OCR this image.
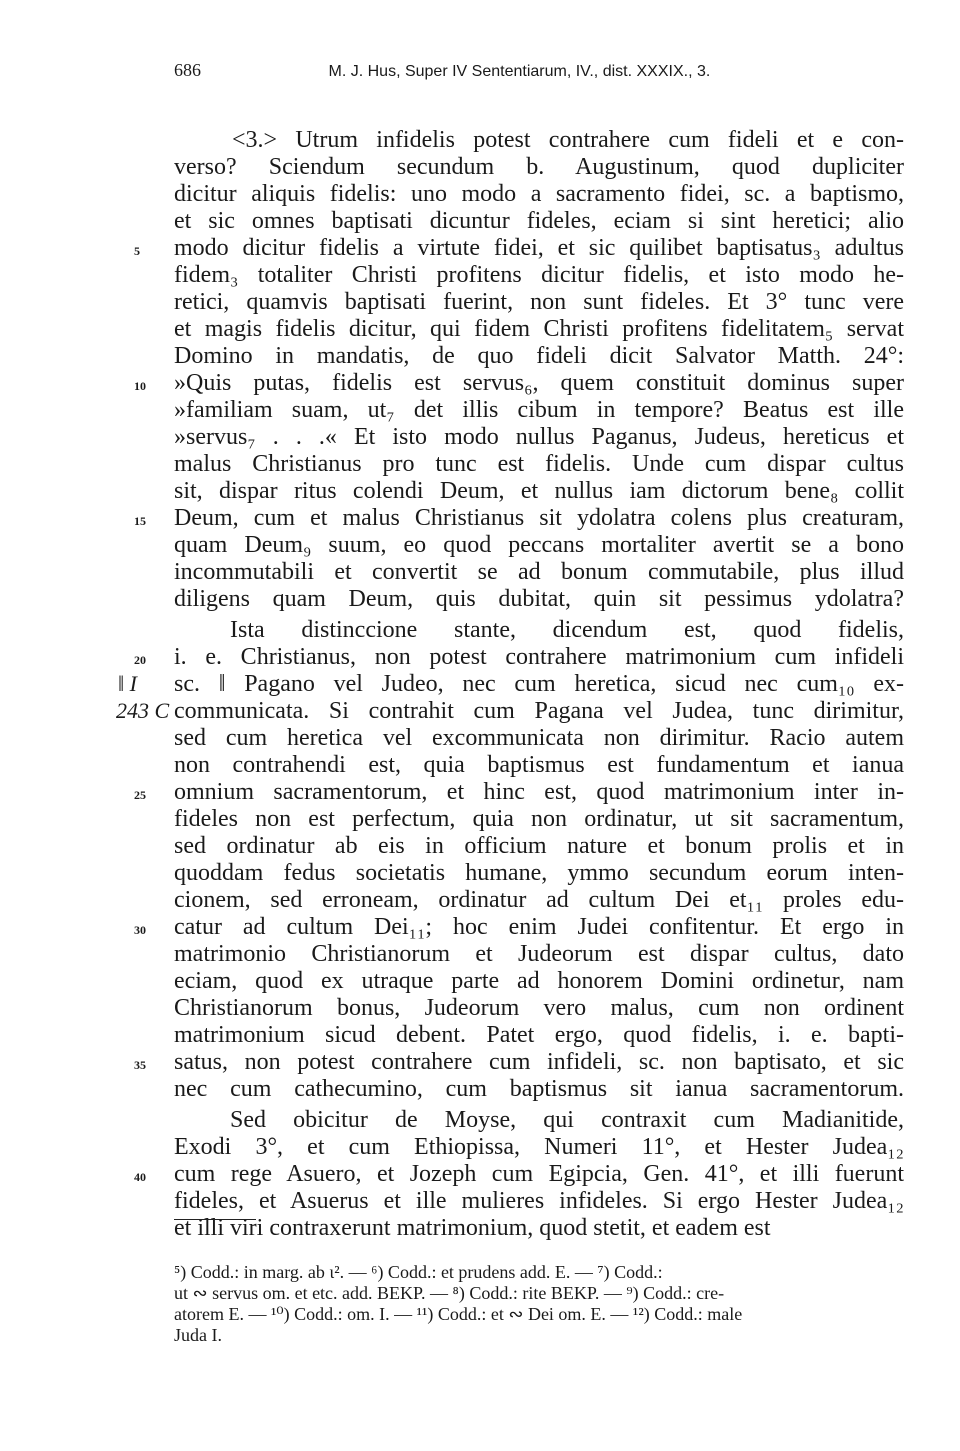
686	M. J. Hus, Super IV Sententiarum, IV., dist. XXXIX., 3.
<3.> Utrum infidelis potest contrahere cum fideli et e con-
verso? Sciendum secundum b. Augustinum, quod dupliciter
dicitur aliquis fidelis: uno modo a sacramento fidei, sc. a baptismo,
et sic omnes baptisati dicuntur fideles, eciam si sint heretici; alio
modo dicitur fidelis a virtute fidei, et sic quilibet baptisatus₃ adultus
fidem₃ totaliter Christi profitens dicitur fidelis, et isto modo he-
retici, quamvis baptisati fuerint, non sunt fideles. Et 3° tunc vere
et magis fidelis dicitur, qui fidem Christi profitens fidelitatem₅ servat
Domino in mandatis, de quo fideli dicit Salvator Matth. 24°:
»Quis putas, fidelis est servus₆, quem constituit dominus super
»familiam suam, ut₇ det illis cibum in tempore? Beatus est ille
»servus₇ . . .« Et isto modo nullus Paganus, Judeus, hereticus et
malus Christianus pro tunc est fidelis. Unde cum dispar cultus
sit, dispar ritus colendi Deum, et nullus iam dictorum bene₈ collit
Deum, cum et malus Christianus sit ydolatra colens plus creaturam,
quam Deum₉ suum, eo quod peccans mortaliter avertit se a bono
incommutabili et convertit se ad bonum commutabile, plus illud
diligens quam Deum, quis dubitat, quin sit pessimus ydolatra?
Ista distinccione stante, dicendum est, quod fidelis,
i. e. Christianus, non potest contrahere matrimonium cum infideli
sc. ‖ Pagano vel Judeo, nec cum heretica, sicud nec cum₁₀ ex-
communicata. Si contrahit cum Pagana vel Judea, tunc dirimitur,
sed cum heretica vel excommunicata non dirimitur. Racio autem
non contrahendi est, quia baptismus est fundamentum et ianua
omnium sacramentorum, et hinc est, quod matrimonium inter in-
fideles non est perfectum, quia non ordinatur, ut sit sacramentum,
sed ordinatur ab eis in officium nature et bonum prolis et in
quoddam fedus societatis humane, ymmo secundum eorum inten-
cionem, sed erroneam, ordinatur ad cultum Dei et₁₁ proles edu-
catur ad cultum Dei₁₁; hoc enim Judei confitentur. Et ergo in
matrimonio Christianorum et Judeorum est dispar cultus, dato
eciam, quod ex utraque parte ad honorem Domini ordinetur, nam
Christianorum bonus, Judeorum vero malus, cum non ordinent
matrimonium sicud debent. Patet ergo, quod fidelis, i. e. bapti-
satus, non potest contrahere cum infideli, sc. non baptisato, et sic
nec cum cathecumino, cum baptismus sit ianua sacramentorum.
Sed obicitur de Moyse, qui contraxit cum Madianitide,
Exodi 3°, et cum Ethiopissa, Numeri 11°, et Hester Judea₁₂
cum rege Asuero, et Jozeph cum Egipcia, Gen. 41°, et illi fuerunt
fideles, et Asuerus et ille mulieres infideles. Si ergo Hester Judea₁₂
et illi viri contraxerunt matrimonium, quod stetit, et eadem est
5
10
15
20
25
30
35
40
‖ I
243 C
⁵) Codd.: in marg. ab ι². — ⁶) Codd.: et prudens add. E. — ⁷) Codd.:
ut ∾ servus om. et etc. add. BEKP. — ⁸) Codd.: rite BEKP. — ⁹) Codd.: cre-
atorem E. — ¹⁰) Codd.: om. I. — ¹¹) Codd.: et ∾ Dei om. E. — ¹²) Codd.: male
Juda I.
